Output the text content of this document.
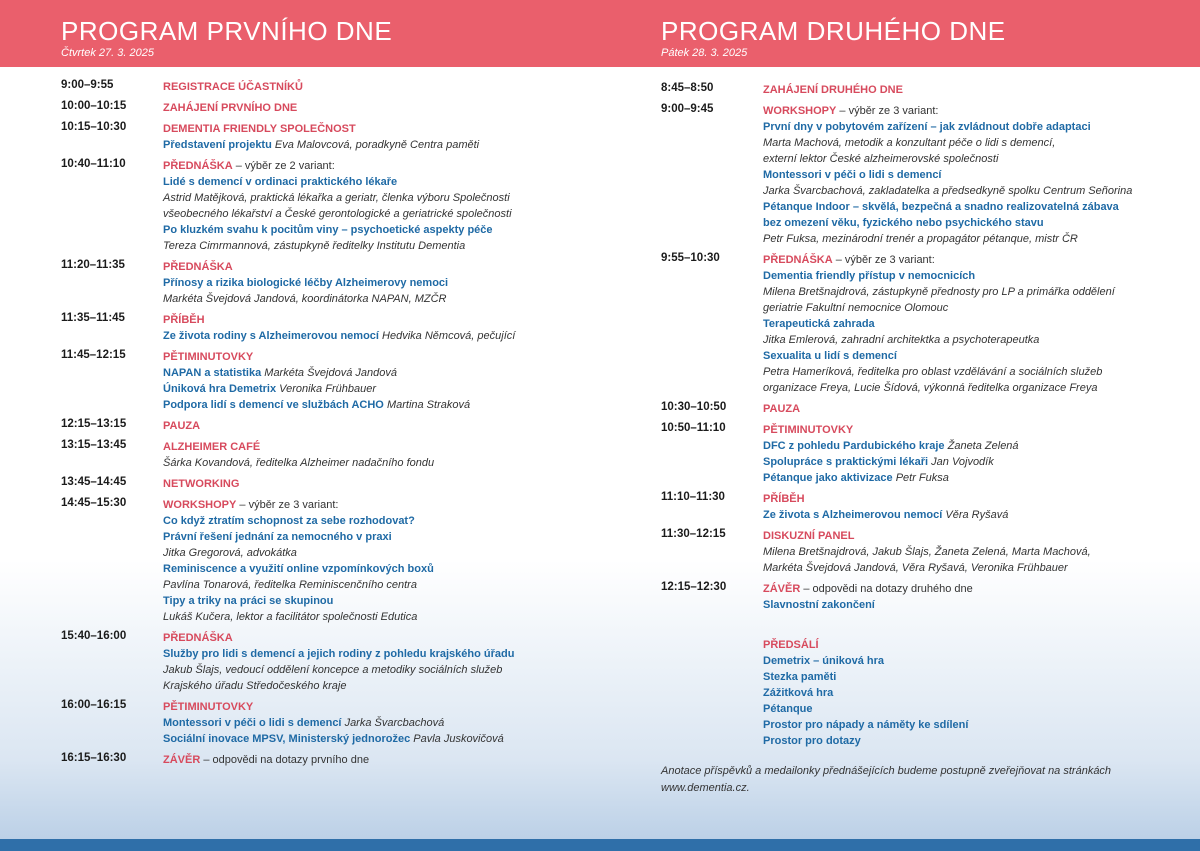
PROGRAM PRVNÍHO DNE
Čtvrtek 27. 3. 2025
PROGRAM DRUHÉHO DNE
Pátek 28. 3. 2025
9:00–9:55	REGISTRACE ÚČASTNÍKŮ
10:00–10:15	ZAHÁJENÍ PRVNÍHO DNE
10:15–10:30	DEMENTIA FRIENDLY SPOLEČNOST
Představení projektu Eva Malovcová, poradkyně Centra paměti
10:40–11:10	PŘEDNÁŠKA – výběr ze 2 variant:
Lidé s demencí v ordinaci praktického lékaře
Astrid Matějková, praktická lékařka a geriatr, členka výboru Společnosti
všeobecného lékařství a České gerontologické a geriatrické společnosti
Po kluzkém svahu k pocitům viny – psychoetické aspekty péče
Tereza Cimrmannová, zástupkyně ředitelky Institutu Dementia
11:20–11:35	PŘEDNÁŠKA
Přínosy a rizika biologické léčby Alzheimerovy nemoci
Markéta Švejdová Jandová, koordinátorka NAPAN, MZČR
11:35–11:45	PŘÍBĚH
Ze života rodiny s Alzheimerovou nemocí Hedvika Němcová, pečující
11:45–12:15	PĚTIMINUTOVKY
NAPAN a statistika Markéta Švejdová Jandová
Úniková hra Demetrix Veronika Frühbauer
Podpora lidí s demencí ve službách ACHO Martina Straková
12:15–13:15	PAUZA
13:15–13:45	ALZHEIMER CAFÉ
Šárka Kovandová, ředitelka Alzheimer nadačního fondu
13:45–14:45	NETWORKING
14:45–15:30	WORKSHOPY – výběr ze 3 variant:
Co když ztratím schopnost za sebe rozhodovat?
Právní řešení jednání za nemocného v praxi
Jitka Gregorová, advokátka
Reminiscence a využití online vzpomínkových boxů
Pavlína Tonarová, ředitelka Reminiscenčního centra
Tipy a triky na práci se skupinou
Lukáš Kučera, lektor a facilitátor společnosti Edutica
15:40–16:00	PŘEDNÁŠKA
Služby pro lidi s demencí a jejich rodiny z pohledu krajského úřadu
Jakub Šlajs, vedoucí oddělení koncepce a metodiky sociálních služeb
Krajského úřadu Středočeského kraje
16:00–16:15	PĚTIMINUTOVKY
Montessori v péči o lidi s demencí Jarka Švarcbachová
Sociální inovace MPSV, Ministerský jednorožec Pavla Juskovičová
16:15–16:30	ZÁVĚR – odpovědi na dotazy prvního dne
8:45–8:50	ZAHÁJENÍ DRUHÉHO DNE
9:00–9:45	WORKSHOPY – výběr ze 3 variant:
První dny v pobytovém zařízení – jak zvládnout dobře adaptaci
Marta Machová, metodik a konzultant péče o lidi s demencí,
externí lektor České alzheimerovské společnosti
Montessori v péči o lidi s demencí
Jarka Švarcbachová, zakladatelka a předsedkyně spolku Centrum Señorina
Pétanque Indoor – skvělá, bezpečná a snadno realizovatelná zábava
bez omezení věku, fyzického nebo psychického stavu
Petr Fuksa, mezinárodní trenér a propagátor pétanque, mistr ČR
9:55–10:30	PŘEDNÁŠKA – výběr ze 3 variant:
Dementia friendly přístup v nemocnicích
Milena Bretšnajdrová, zástupkyně přednosty pro LP a primářka oddělení
geriatrie Fakultní nemocnice Olomouc
Terapeutická zahrada
Jitka Emlerová, zahradní architektka a psychoterapeutka
Sexualita u lidí s demencí
Petra Hameríková, ředitelka pro oblast vzdělávání a sociálních služeb
organizace Freya, Lucie Šídová, výkonná ředitelka organizace Freya
10:30–10:50	PAUZA
10:50–11:10	PĚTIMINUTOVKY
DFC z pohledu Pardubického kraje Žaneta Zelená
Spolupráce s praktickými lékaři Jan Vojvodík
Pétanque jako aktivizace Petr Fuksa
11:10–11:30	PŘÍBĚH
Ze života s Alzheimerovou nemocí Věra Ryšavá
11:30–12:15	DISKUZNÍ PANEL
Milena Bretšnajdrová, Jakub Šlajs, Žaneta Zelená, Marta Machová,
Markéta Švejdová Jandová, Věra Ryšavá, Veronika Frühbauer
12:15–12:30	ZÁVĚR – odpovědi na dotazy druhého dne
Slavnostní zakončení
PŘEDSÁLÍ
Demetrix – úniková hra
Stezka paměti
Zážitková hra
Pétanque
Prostor pro nápady a náměty ke sdílení
Prostor pro dotazy
Anotace příspěvků a medailonky přednášejících budeme postupně zveřejňovat na stránkách
www.dementia.cz.
